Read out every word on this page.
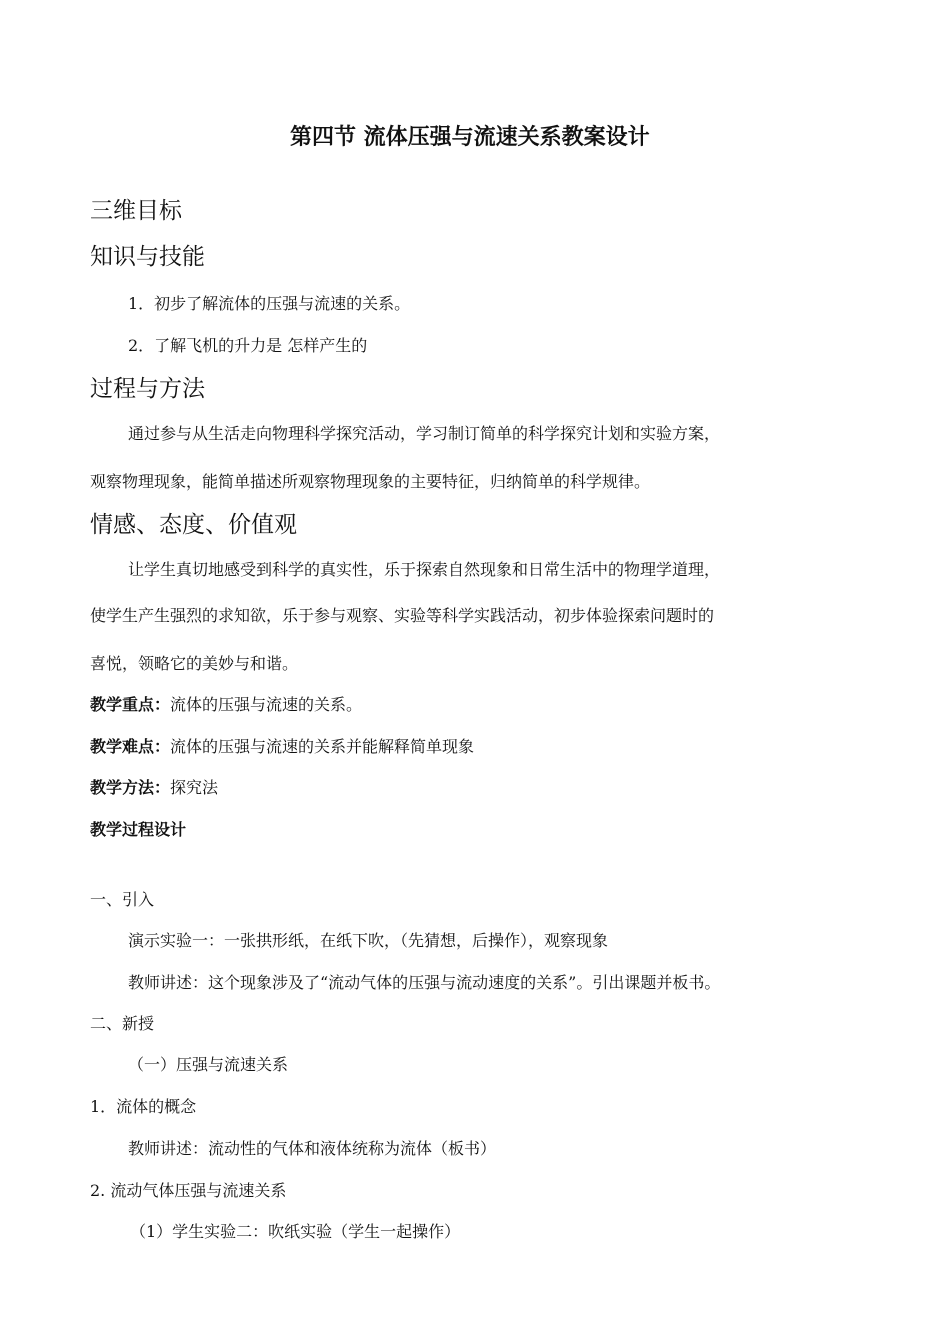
第四节 流体压强与流速关系教案设计
三维目标
知识与技能
1．初步了解流体的压强与流速的关系。
2．了解飞机的升力是 怎样产生的
过程与方法
通过参与从生活走向物理科学探究活动，学习制订简单的科学探究计划和实验方案，
观察物理现象，能简单描述所观察物理现象的主要特征，归纳简单的科学规律。
情感、态度、价值观
让学生真切地感受到科学的真实性，乐于探索自然现象和日常生活中的物理学道理，
使学生产生强烈的求知欲，乐于参与观察、实验等科学实践活动，初步体验探索问题时的
喜悦，领略它的美妙与和谐。
教学重点：流体的压强与流速的关系。
教学难点：流体的压强与流速的关系并能解释简单现象
教学方法：探究法
教学过程设计
一、引入
演示实验一：一张拱形纸，在纸下吹，（先猜想，后操作），观察现象
教师讲述：这个现象涉及了“流动气体的压强与流动速度的关系”。引出课题并板书。
二、新授
（一）压强与流速关系
1．流体的概念
教师讲述：流动性的气体和液体统称为流体（板书）
2. 流动气体压强与流速关系
（1）学生实验二：吹纸实验（学生一起操作）
